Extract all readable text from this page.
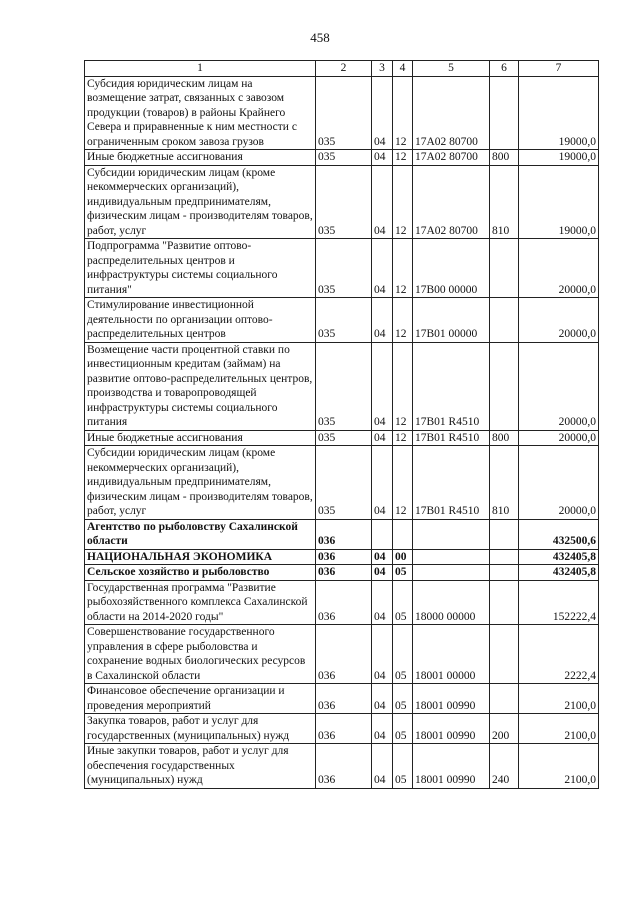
458
1	2	3	4	5	6	7
Субсидия юридическим лицам на возмещение затрат, связанных с завозом продукции (товаров) в районы Крайнего Севера и приравненные к ним местности с ограниченным сроком завоза грузов	035	04	12	17А02 80700		19000,0
Иные бюджетные ассигнования	035	04	12	17А02 80700	800	19000,0
Субсидии юридическим лицам (кроме некоммерческих организаций), индивидуальным предпринимателям, физическим лицам - производителям товаров, работ, услуг	035	04	12	17А02 80700	810	19000,0
Подпрограмма "Развитие оптово-распределительных центров и инфраструктуры системы социального питания"	035	04	12	17В00 00000		20000,0
Стимулирование инвестиционной деятельности по организации оптово-распределительных центров	035	04	12	17В01 00000		20000,0
Возмещение части процентной ставки по инвестиционным кредитам (займам) на развитие оптово-распределительных центров, производства и товаропроводящей инфраструктуры системы социального питания	035	04	12	17В01 R4510		20000,0
Иные бюджетные ассигнования	035	04	12	17В01 R4510	800	20000,0
Субсидии юридическим лицам (кроме некоммерческих организаций), индивидуальным предпринимателям, физическим лицам - производителям товаров, работ, услуг	035	04	12	17В01 R4510	810	20000,0
Агентство по рыболовству Сахалинской области	036					432500,6
НАЦИОНАЛЬНАЯ ЭКОНОМИКА	036	04	00			432405,8
Сельское хозяйство и рыболовство	036	04	05			432405,8
Государственная программа "Развитие рыбохозяйственного комплекса Сахалинской области на 2014-2020 годы"	036	04	05	18000 00000		152222,4
Совершенствование государственного управления в сфере рыболовства и сохранение водных биологических ресурсов в Сахалинской области	036	04	05	18001 00000		2222,4
Финансовое обеспечение организации и проведения мероприятий	036	04	05	18001 00990		2100,0
Закупка товаров, работ и услуг для государственных (муниципальных) нужд	036	04	05	18001 00990	200	2100,0
Иные закупки товаров, работ и услуг для обеспечения государственных (муниципальных) нужд	036	04	05	18001 00990	240	2100,0
